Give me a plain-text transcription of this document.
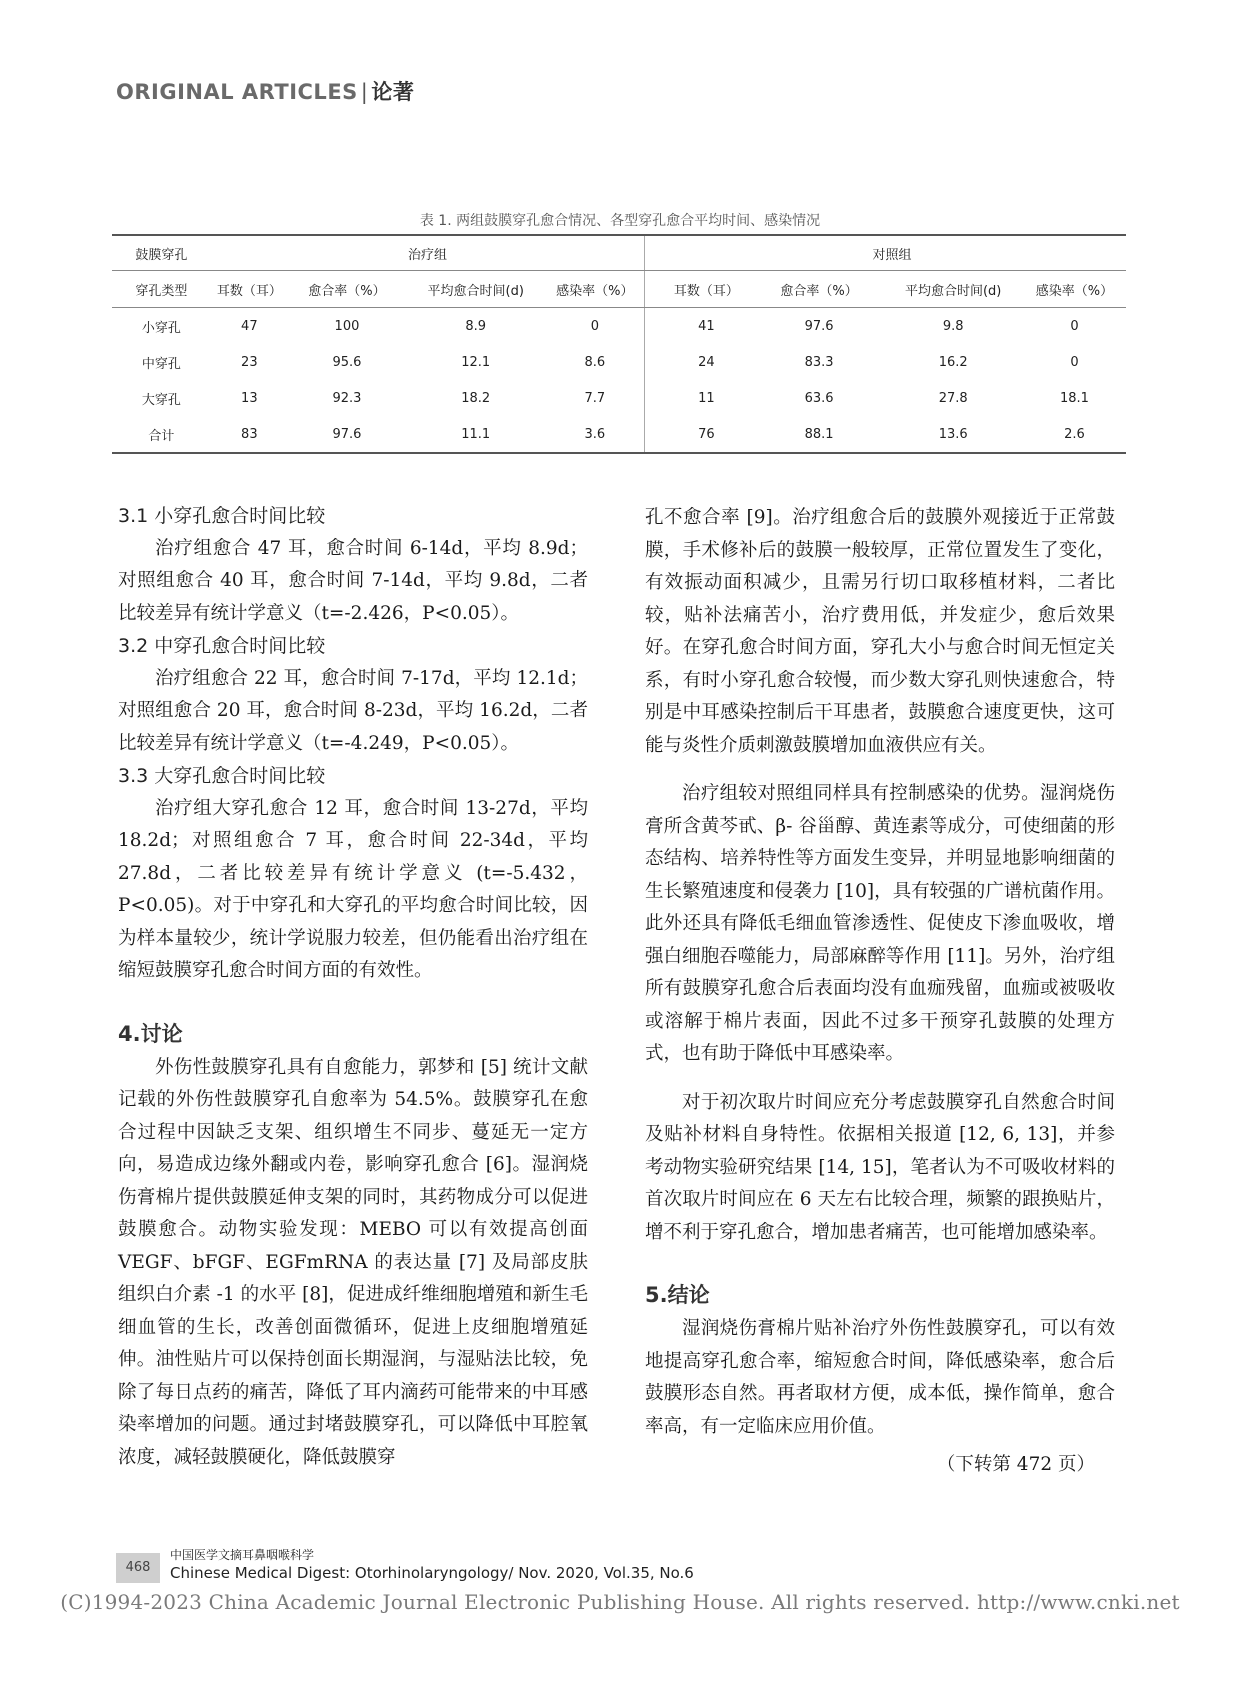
ORIGINAL ARTICLES | 论著
表 1. 两组鼓膜穿孔愈合情况、各型穿孔愈合平均时间、感染情况
鼓膜穿孔	治疗组					对照组			
穿孔类型	耳数（耳）	愈合率（%）	平均愈合时间(d)	感染率（%）		耳数（耳）	愈合率（%）	平均愈合时间(d)	感染率（%）
小穿孔	47	100	8.9	0		41	97.6	9.8	0
中穿孔	23	95.6	12.1	8.6		24	83.3	16.2	0
大穿孔	13	92.3	18.2	7.7		11	63.6	27.8	18.1
合计	83	97.6	11.1	3.6		76	88.1	13.6	2.6
3.1 小穿孔愈合时间比较

治疗组愈合 47 耳，愈合时间 6-14d，平均 8.9d；对照组愈合 40 耳，愈合时间 7-14d，平均 9.8d，二者比较差异有统计学意义（t=-2.426，P<0.05）。

3.2 中穿孔愈合时间比较

治疗组愈合 22 耳，愈合时间 7-17d，平均 12.1d；对照组愈合 20 耳，愈合时间 8-23d，平均 16.2d，二者比较差异有统计学意义（t=-4.249，P<0.05）。

3.3 大穿孔愈合时间比较

治疗组大穿孔愈合 12 耳，愈合时间 13-27d，平均 18.2d；对照组愈合 7 耳，愈合时间 22-34d，平均 27.8d，二者比较差异有统计学意义 (t=-5.432，P<0.05)。对于中穿孔和大穿孔的平均愈合时间比较，因为样本量较少，统计学说服力较差，但仍能看出治疗组在缩短鼓膜穿孔愈合时间方面的有效性。

4.讨论

外伤性鼓膜穿孔具有自愈能力，郭梦和 [5] 统计文献记载的外伤性鼓膜穿孔自愈率为 54.5%。鼓膜穿孔在愈合过程中因缺乏支架、组织增生不同步、蔓延无一定方向，易造成边缘外翻或内卷，影响穿孔愈合 [6]。湿润烧伤膏棉片提供鼓膜延伸支架的同时，其药物成分可以促进鼓膜愈合。动物实验发现：MEBO 可以有效提高创面 VEGF、bFGF、EGFmRNA 的表达量 [7] 及局部皮肤组织白介素 -1 的水平 [8]，促进成纤维细胞增殖和新生毛细血管的生长，改善创面微循环，促进上皮细胞增殖延伸。油性贴片可以保持创面长期湿润，与湿贴法比较，免除了每日点药的痛苦，降低了耳内滴药可能带来的中耳感染率增加的问题。通过封堵鼓膜穿孔，可以降低中耳腔氧浓度，减轻鼓膜硬化，降低鼓膜穿

孔不愈合率 [9]。治疗组愈合后的鼓膜外观接近于正常鼓膜，手术修补后的鼓膜一般较厚，正常位置发生了变化，有效振动面积减少，且需另行切口取移植材料，二者比较，贴补法痛苦小，治疗费用低，并发症少，愈后效果好。在穿孔愈合时间方面，穿孔大小与愈合时间无恒定关系，有时小穿孔愈合较慢，而少数大穿孔则快速愈合，特别是中耳感染控制后干耳患者，鼓膜愈合速度更快，这可能与炎性介质刺激鼓膜增加血液供应有关。

治疗组较对照组同样具有控制感染的优势。湿润烧伤膏所含黄芩甙、β- 谷甾醇、黄连素等成分，可使细菌的形态结构、培养特性等方面发生变异，并明显地影响细菌的生长繁殖速度和侵袭力 [10]，具有较强的广谱杭菌作用。此外还具有降低毛细血管渗透性、促使皮下渗血吸收，增强白细胞吞噬能力，局部麻醉等作用 [11]。另外，治疗组所有鼓膜穿孔愈合后表面均没有血痂残留，血痂或被吸收或溶解于棉片表面，因此不过多干预穿孔鼓膜的处理方式，也有助于降低中耳感染率。

对于初次取片时间应充分考虑鼓膜穿孔自然愈合时间及贴补材料自身特性。依据相关报道 [12, 6, 13]，并参考动物实验研究结果 [14, 15]，笔者认为不可吸收材料的首次取片时间应在 6 天左右比较合理，频繁的跟换贴片，增不利于穿孔愈合，增加患者痛苦，也可能增加感染率。

5.结论

湿润烧伤膏棉片贴补治疗外伤性鼓膜穿孔，可以有效地提高穿孔愈合率，缩短愈合时间，降低感染率，愈合后鼓膜形态自然。再者取材方便，成本低，操作简单，愈合率高，有一定临床应用价值。

（下转第 472 页）
468
中国医学文摘耳鼻咽喉科学
Chinese Medical Digest: Otorhinolaryngology/ Nov. 2020, Vol.35, No.6
(C)1994-2023 China Academic Journal Electronic Publishing House. All rights reserved. http://www.cnki.net
